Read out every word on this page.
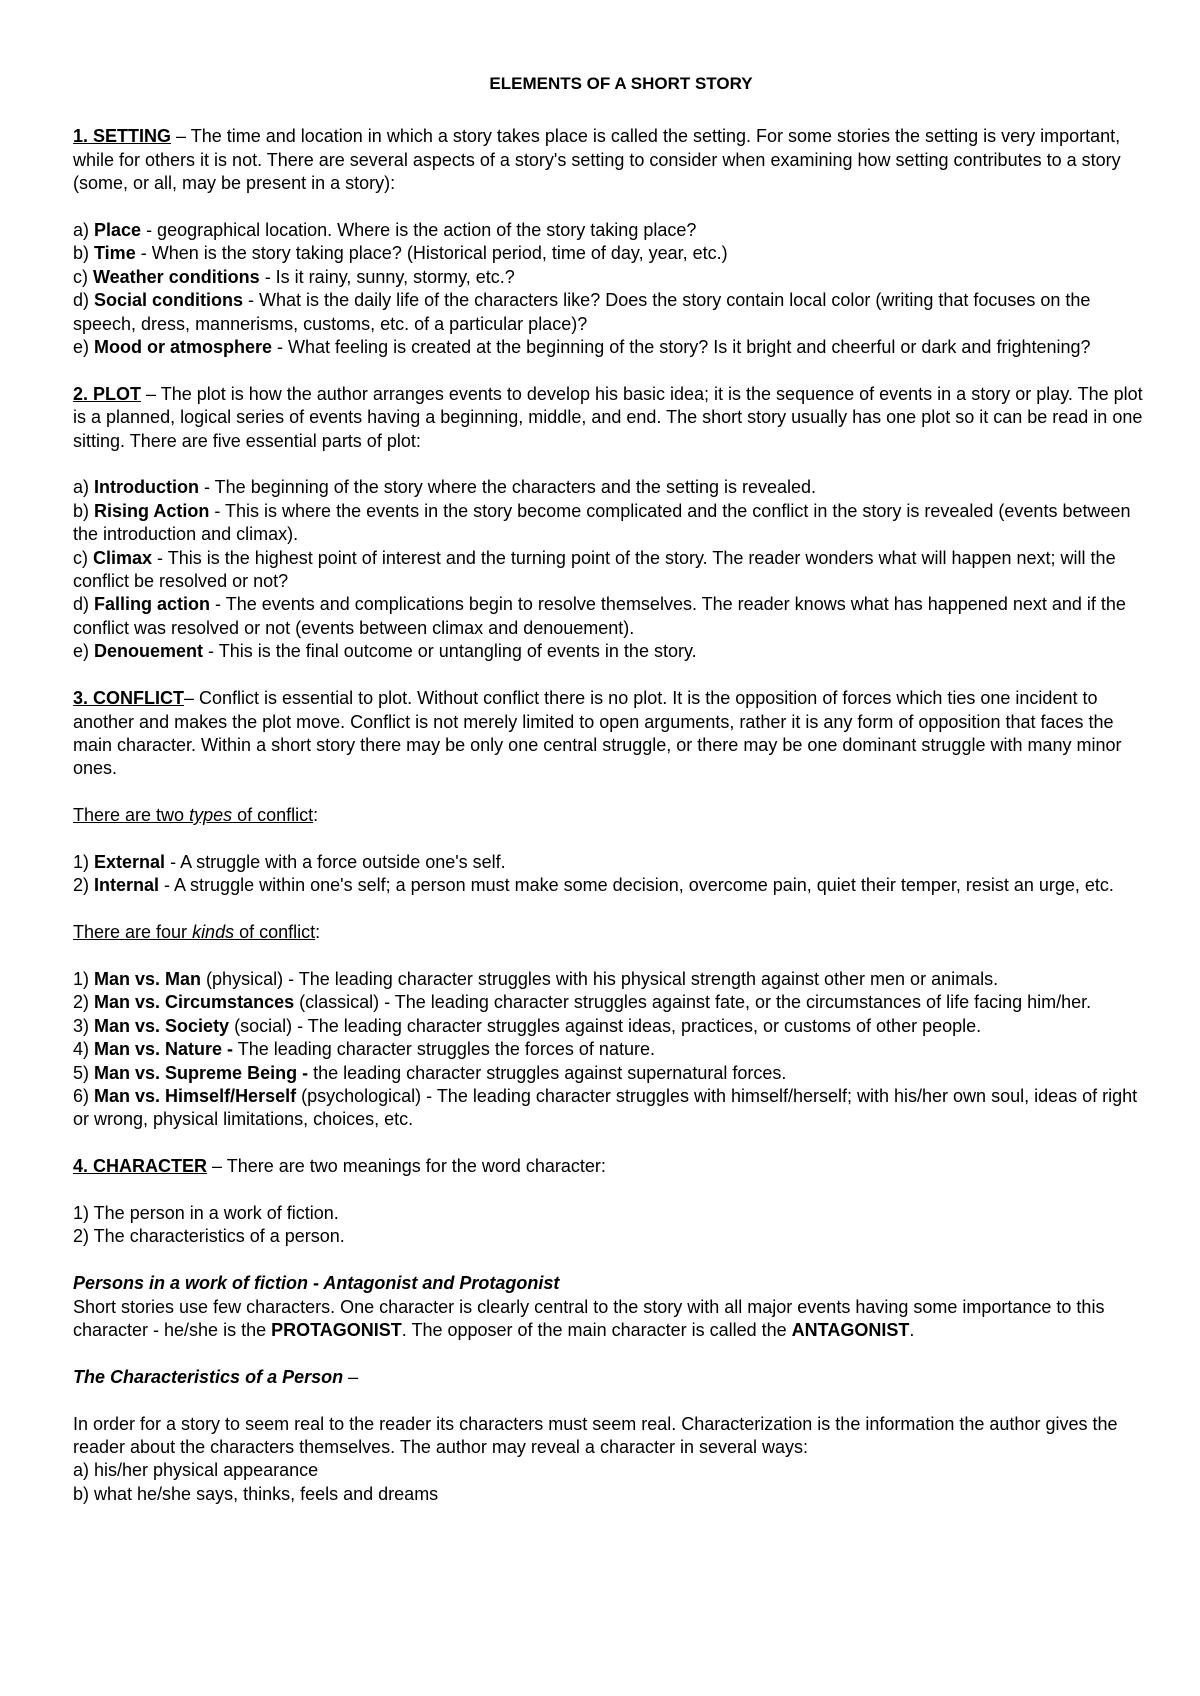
ELEMENTS OF A SHORT STORY

1. SETTING – The time and location in which a story takes place is called the setting. For some stories the setting is very important, while for others it is not. There are several aspects of a story's setting to consider when examining how setting contributes to a story (some, or all, may be present in a story):

a) Place - geographical location. Where is the action of the story taking place?

b) Time - When is the story taking place? (Historical period, time of day, year, etc.)

c) Weather conditions - Is it rainy, sunny, stormy, etc.?

d) Social conditions - What is the daily life of the characters like? Does the story contain local color (writing that focuses on the speech, dress, mannerisms, customs, etc. of a particular place)?

e) Mood or atmosphere - What feeling is created at the beginning of the story? Is it bright and cheerful or dark and frightening?

2. PLOT – The plot is how the author arranges events to develop his basic idea; it is the sequence of events in a story or play. The plot is a planned, logical series of events having a beginning, middle, and end. The short story usually has one plot so it can be read in one sitting. There are five essential parts of plot:

a) Introduction - The beginning of the story where the characters and the setting is revealed.

b) Rising Action - This is where the events in the story become complicated and the conflict in the story is revealed (events between the introduction and climax).

c) Climax - This is the highest point of interest and the turning point of the story. The reader wonders what will happen next; will the conflict be resolved or not?

d) Falling action - The events and complications begin to resolve themselves. The reader knows what has happened next and if the conflict was resolved or not (events between climax and denouement).

e) Denouement - This is the final outcome or untangling of events in the story.

3. CONFLICT– Conflict is essential to plot. Without conflict there is no plot. It is the opposition of forces which ties one incident to another and makes the plot move. Conflict is not merely limited to open arguments, rather it is any form of opposition that faces the main character. Within a short story there may be only one central struggle, or there may be one dominant struggle with many minor ones.

There are two types of conflict:

1) External - A struggle with a force outside one's self.

2) Internal - A struggle within one's self; a person must make some decision, overcome pain, quiet their temper, resist an urge, etc.

There are four kinds of conflict:

1) Man vs. Man (physical) - The leading character struggles with his physical strength against other men or animals.

2) Man vs. Circumstances (classical) - The leading character struggles against fate, or the circumstances of life facing him/her.

3) Man vs. Society (social) - The leading character struggles against ideas, practices, or customs of other people.

4) Man vs. Nature - The leading character struggles the forces of nature.

5) Man vs. Supreme Being - the leading character struggles against supernatural forces.

6) Man vs. Himself/Herself (psychological) - The leading character struggles with himself/herself; with his/her own soul, ideas of right or wrong, physical limitations, choices, etc.

4. CHARACTER – There are two meanings for the word character:

1) The person in a work of fiction.

2) The characteristics of a person.

Persons in a work of fiction - Antagonist and Protagonist

Short stories use few characters. One character is clearly central to the story with all major events having some importance to this character - he/she is the PROTAGONIST. The opposer of the main character is called the ANTAGONIST.

The Characteristics of a Person –

In order for a story to seem real to the reader its characters must seem real. Characterization is the information the author gives the reader about the characters themselves. The author may reveal a character in several ways:

a) his/her physical appearance

b) what he/she says, thinks, feels and dreams
